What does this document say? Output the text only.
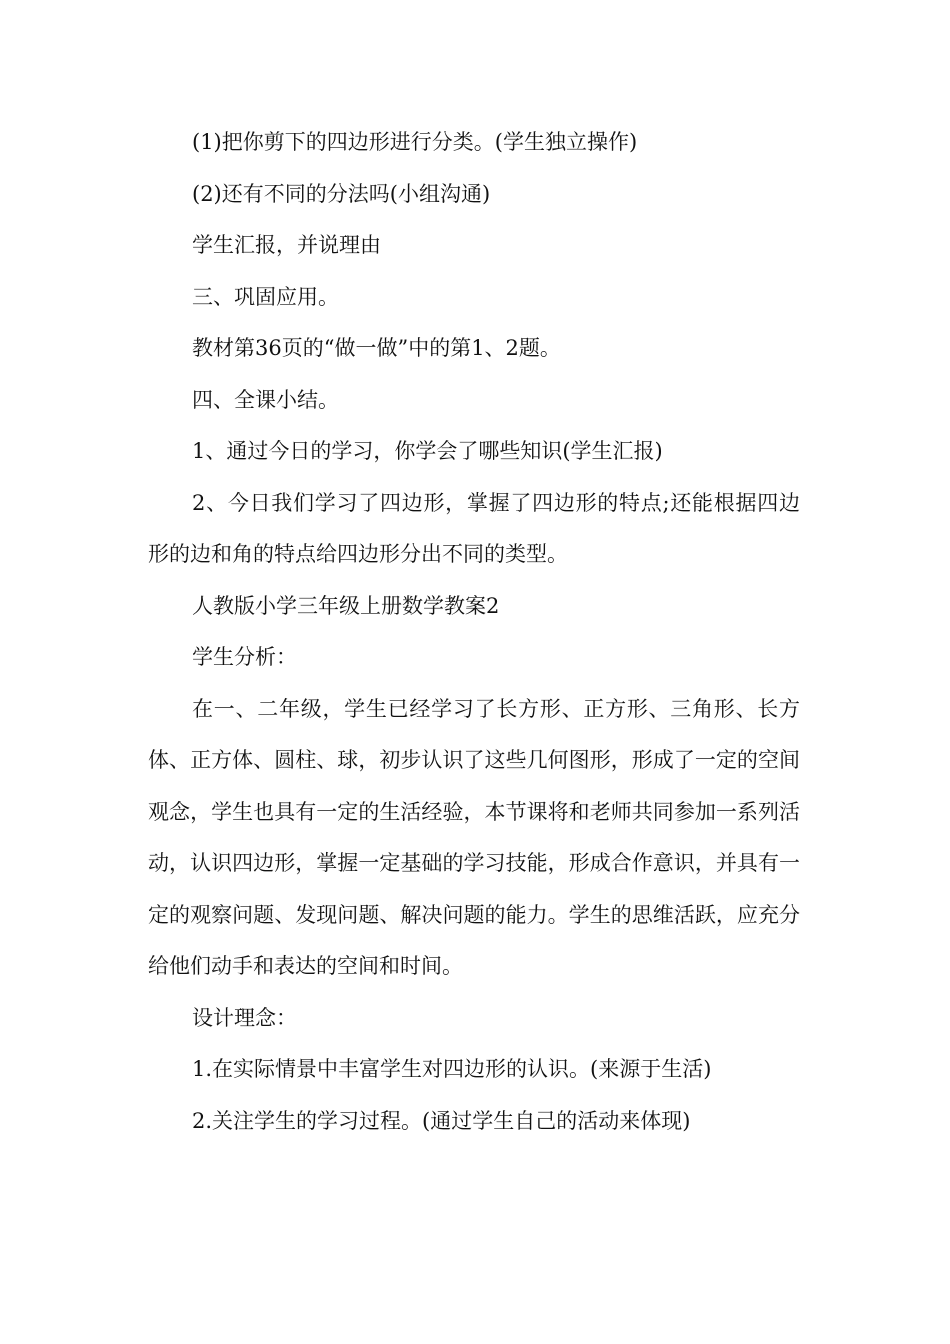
(1)把你剪下的四边形进行分类。(学生独立操作)

(2)还有不同的分法吗(小组沟通)

学生汇报，并说理由

三、巩固应用。

教材第36页的“做一做”中的第1、2题。

四、全课小结。

1、通过今日的学习，你学会了哪些知识(学生汇报)

2、今日我们学习了四边形，掌握了四边形的特点;还能根据四边形的边和角的特点给四边形分出不同的类型。

人教版小学三年级上册数学教案2

学生分析：

在一、二年级，学生已经学习了长方形、正方形、三角形、长方体、正方体、圆柱、球，初步认识了这些几何图形，形成了一定的空间观念，学生也具有一定的生活经验，本节课将和老师共同参加一系列活动，认识四边形，掌握一定基础的学习技能，形成合作意识，并具有一定的观察问题、发现问题、解决问题的能力。学生的思维活跃，应充分给他们动手和表达的空间和时间。

设计理念：

1.在实际情景中丰富学生对四边形的认识。(来源于生活)

2.关注学生的学习过程。(通过学生自己的活动来体现)
